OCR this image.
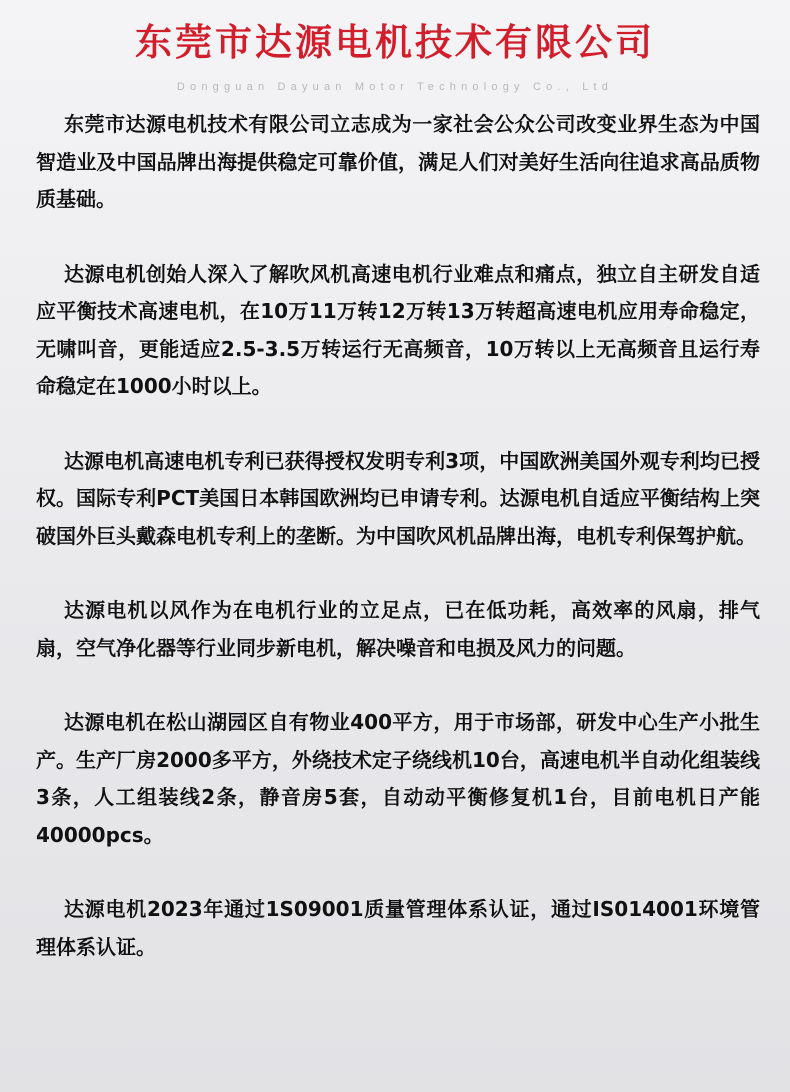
东莞市达源电机技术有限公司
Dongguan Dayuan Motor Technology Co., Ltd

东莞市达源电机技术有限公司立志成为一家社会公众公司改变业界生态为中国智造业及中国品牌出海提供稳定可靠价值，满足人们对美好生活向往追求高品质物质基础。

达源电机创始人深入了解吹风机高速电机行业难点和痛点，独立自主研发自适应平衡技术高速电机，在10万11万转12万转13万转超高速电机应用寿命稳定，无啸叫音，更能适应2.5-3.5万转运行无高频音，10万转以上无高频音且运行寿命稳定在1000小时以上。

达源电机高速电机专利已获得授权发明专利3项，中国欧洲美国外观专利均已授权。国际专利PCT美国日本韩国欧洲均已申请专利。达源电机自适应平衡结构上突破国外巨头戴森电机专利上的垄断。为中国吹风机品牌出海，电机专利保驾护航。

达源电机以风作为在电机行业的立足点，已在低功耗，高效率的风扇，排气扇，空气净化器等行业同步新电机，解决噪音和电损及风力的问题。

达源电机在松山湖园区自有物业400平方，用于市场部，研发中心生产小批生产。生产厂房2000多平方，外绕技术定子绕线机10台，高速电机半自动化组装线3条，人工组装线2条，静音房5套，自动动平衡修复机1台，目前电机日产能40000pcs。

达源电机2023年通过1S09001质量管理体系认证，通过IS014001环境管理体系认证。
